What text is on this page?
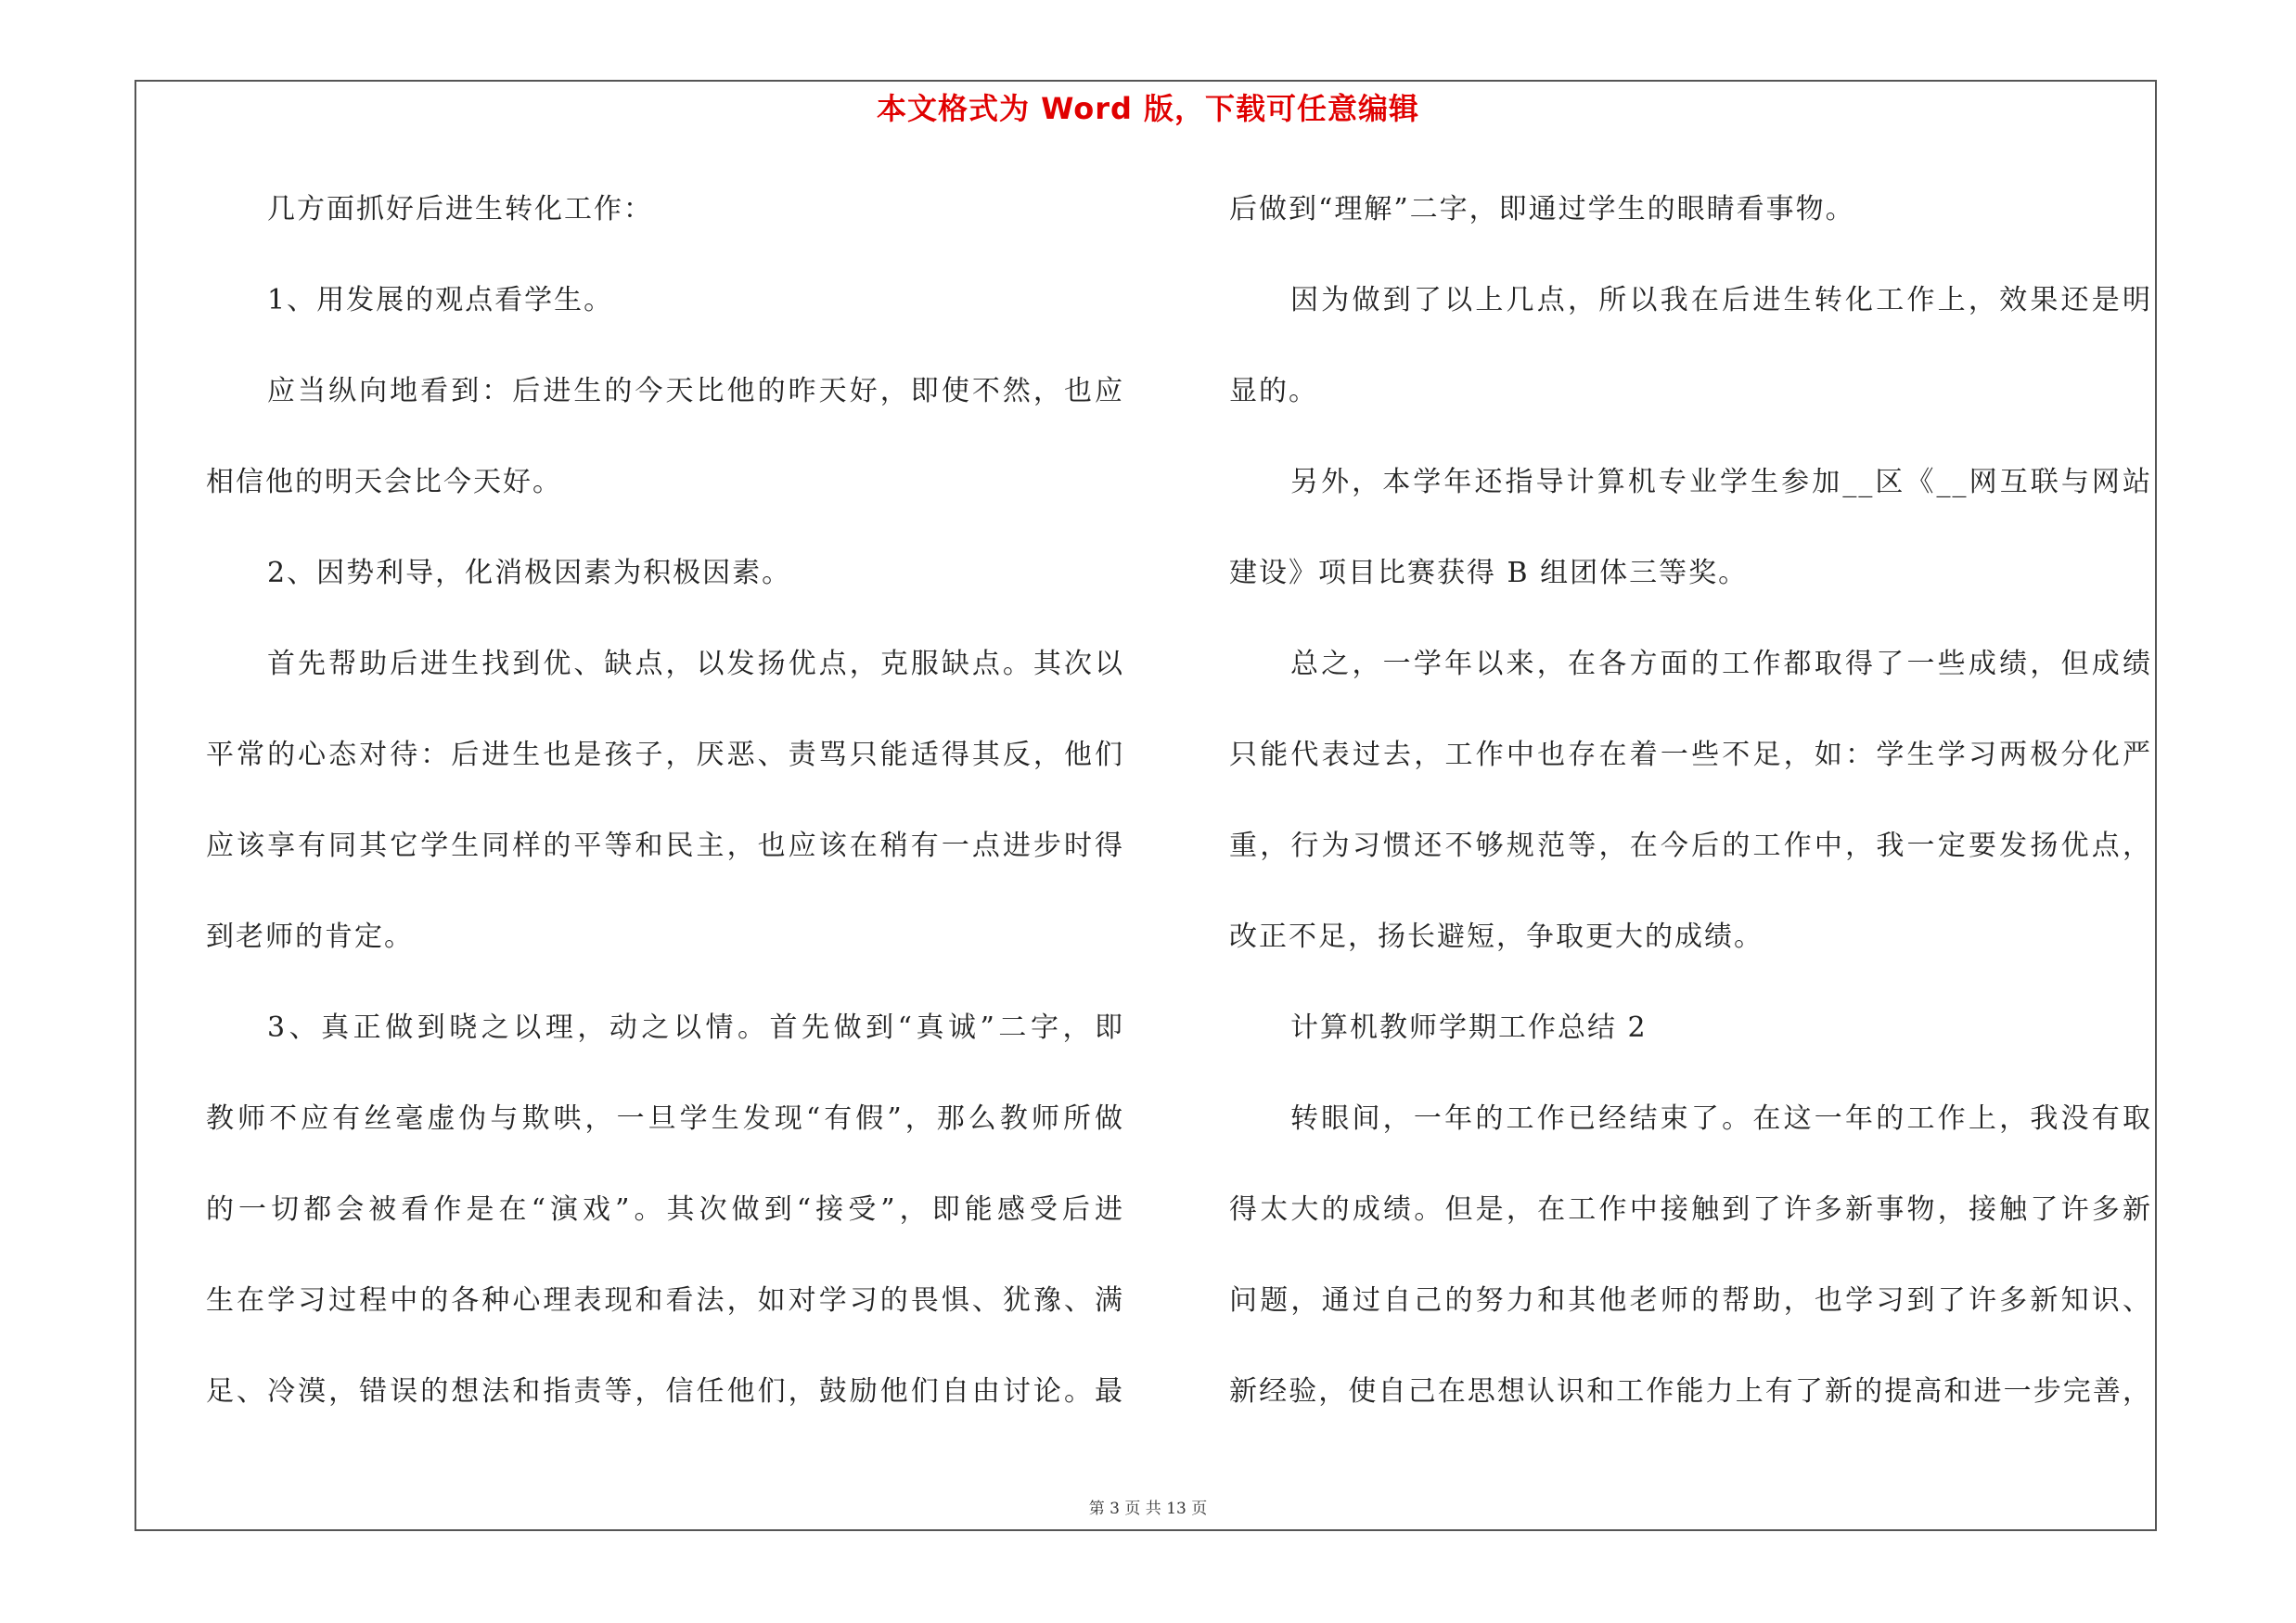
本文格式为 Word 版，下载可任意编辑
几方面抓好后进生转化工作：
1、用发展的观点看学生。
应当纵向地看到：后进生的今天比他的昨天好，即使不然，也应
相信他的明天会比今天好。
2、因势利导，化消极因素为积极因素。
首先帮助后进生找到优、缺点，以发扬优点，克服缺点。其次以
平常的心态对待：后进生也是孩子，厌恶、责骂只能适得其反，他们
应该享有同其它学生同样的平等和民主，也应该在稍有一点进步时得
到老师的肯定。
3、真正做到晓之以理，动之以情。首先做到“真诚”二字，即
教师不应有丝毫虚伪与欺哄，一旦学生发现“有假”，那么教师所做
的一切都会被看作是在“演戏”。其次做到“接受”，即能感受后进
生在学习过程中的各种心理表现和看法，如对学习的畏惧、犹豫、满
足、冷漠，错误的想法和指责等，信任他们，鼓励他们自由讨论。最
后做到“理解”二字，即通过学生的眼睛看事物。
因为做到了以上几点，所以我在后进生转化工作上，效果还是明
显的。
另外，本学年还指导计算机专业学生参加__区《__网互联与网站
建设》项目比赛获得 B 组团体三等奖。
总之，一学年以来，在各方面的工作都取得了一些成绩，但成绩
只能代表过去，工作中也存在着一些不足，如：学生学习两极分化严
重，行为习惯还不够规范等，在今后的工作中，我一定要发扬优点，
改正不足，扬长避短，争取更大的成绩。
计算机教师学期工作总结 2
转眼间，一年的工作已经结束了。在这一年的工作上，我没有取
得太大的成绩。但是，在工作中接触到了许多新事物，接触了许多新
问题，通过自己的努力和其他老师的帮助，也学习到了许多新知识、
新经验，使自己在思想认识和工作能力上有了新的提高和进一步完善，
第 3 页 共 13 页
